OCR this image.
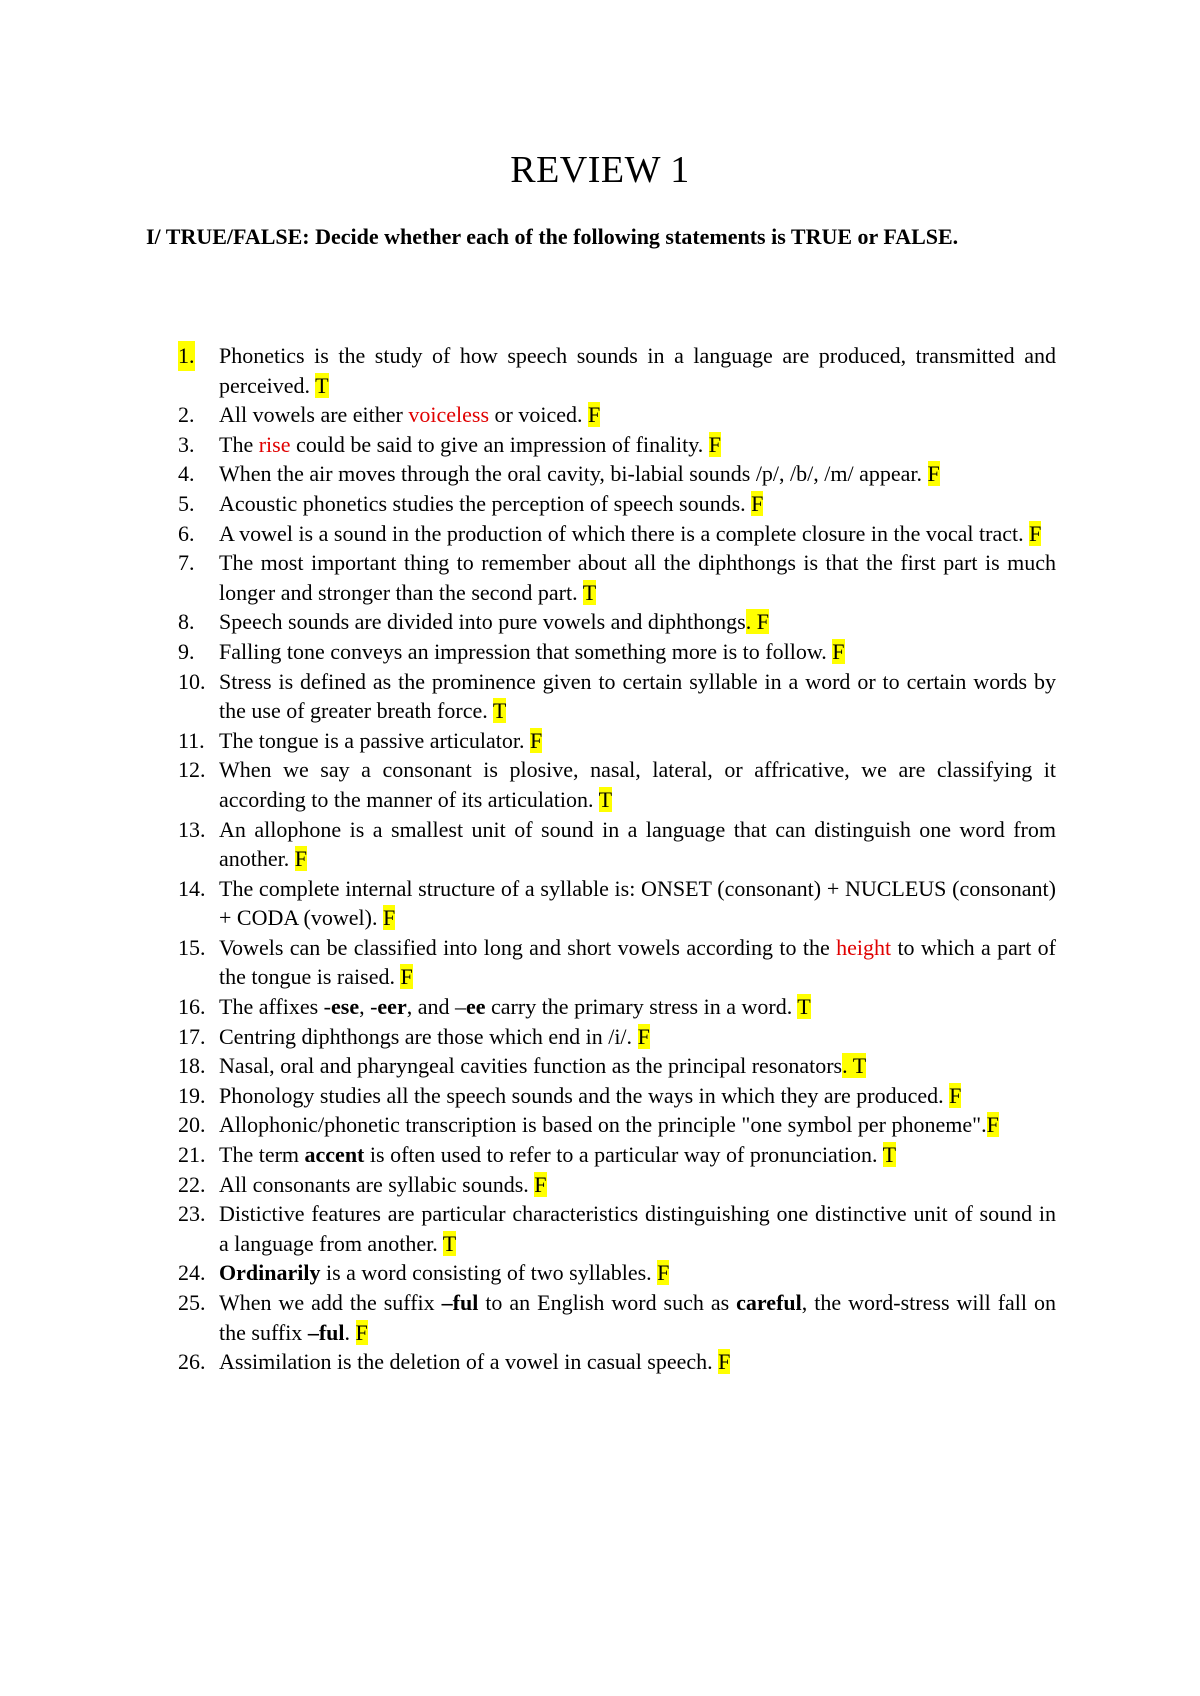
REVIEW 1
I/ TRUE/FALSE: Decide whether each of the following statements is TRUE or FALSE.
1. Phonetics is the study of how speech sounds in a language are produced, transmitted and perceived. T
2. All vowels are either voiceless or voiced. F
3. The rise could be said to give an impression of finality. F
4. When the air moves through the oral cavity, bi-labial sounds /p/, /b/, /m/ appear. F
5. Acoustic phonetics studies the perception of speech sounds. F
6. A vowel is a sound in the production of which there is a complete closure in the vocal tract. F
7. The most important thing to remember about all the diphthongs is that the first part is much longer and stronger than the second part. T
8. Speech sounds are divided into pure vowels and diphthongs. F
9. Falling tone conveys an impression that something more is to follow. F
10. Stress is defined as the prominence given to certain syllable in a word or to certain words by the use of greater breath force. T
11. The tongue is a passive articulator. F
12. When we say a consonant is plosive, nasal, lateral, or affricative, we are classifying it according to the manner of its articulation. T
13. An allophone is a smallest unit of sound in a language that can distinguish one word from another. F
14. The complete internal structure of a syllable is: ONSET (consonant) + NUCLEUS (consonant) + CODA (vowel). F
15. Vowels can be classified into long and short vowels according to the height to which a part of the tongue is raised. F
16. The affixes -ese, -eer, and –ee carry the primary stress in a word. T
17. Centring diphthongs are those which end in /i/. F
18. Nasal, oral and pharyngeal cavities function as the principal resonators. T
19. Phonology studies all the speech sounds and the ways in which they are produced. F
20. Allophonic/phonetic transcription is based on the principle "one symbol per phoneme".F
21. The term accent is often used to refer to a particular way of pronunciation. T
22. All consonants are syllabic sounds. F
23. Distictive features are particular characteristics distinguishing one distinctive unit of sound in a language from another. T
24. Ordinarily is a word consisting of two syllables. F
25. When we add the suffix –ful to an English word such as careful, the word-stress will fall on the suffix –ful. F
26. Assimilation is the deletion of a vowel in casual speech. F
